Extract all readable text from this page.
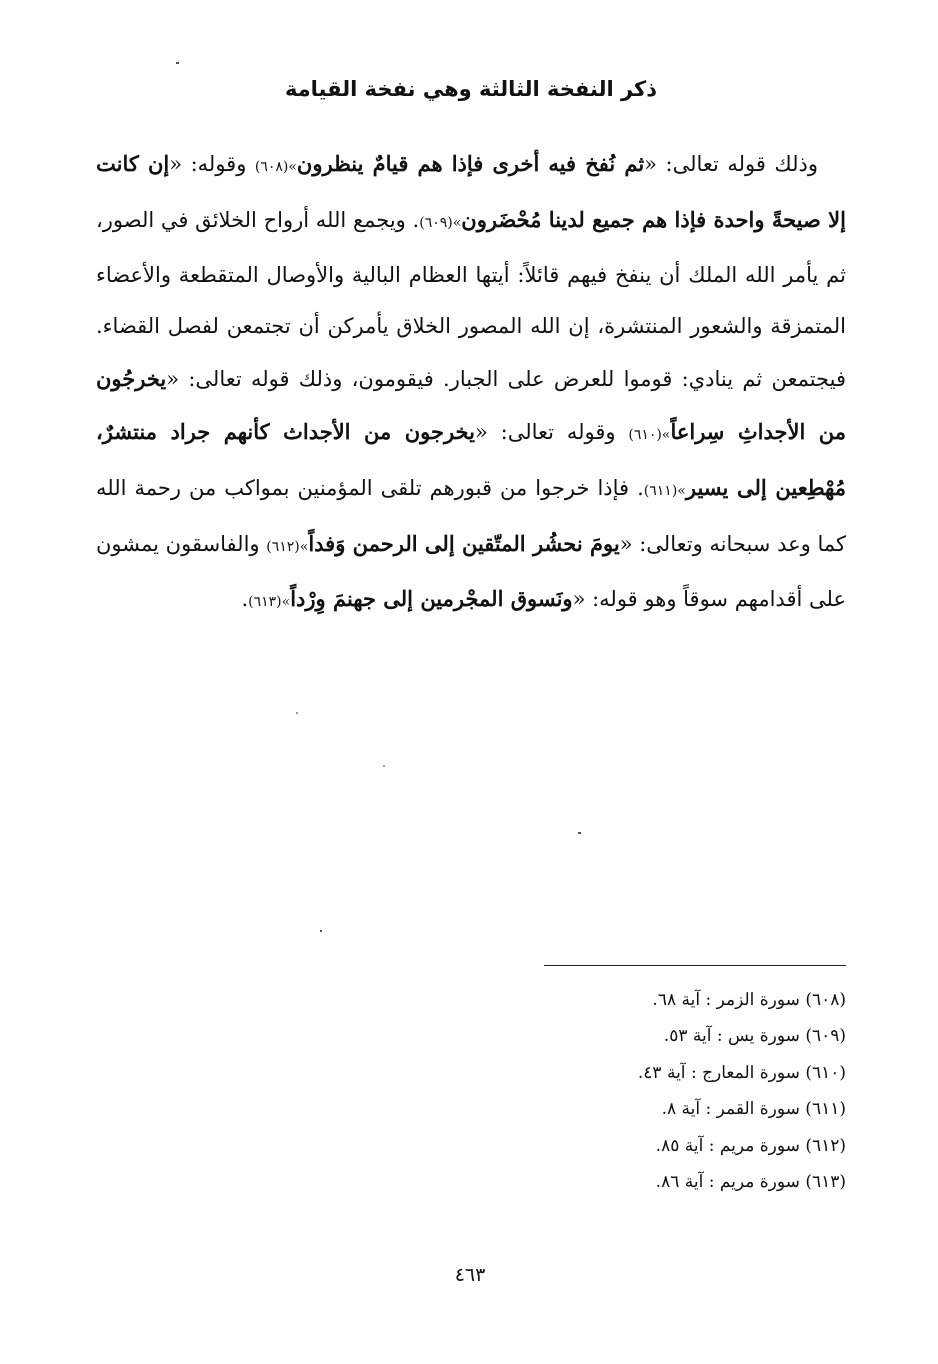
ذكر النفخة الثالثة وهي نفخة القيامة
وذلك قوله تعالى: «ثم نُفخ فيه أخرى فإذا هم قيامٌ ينظرون»(٦٠٨) وقوله: «إن كانت إلا صيحةً واحدة فإذا هم جميع لدينا مُحْضَرون»(٦٠٩). ويجمع الله أرواح الخلائق في الصور، ثم يأمر الله الملك أن ينفخ فيهم قائلاً: أيتها العظام البالية والأوصال المتقطعة والأعضاء المتمزقة والشعور المنتشرة، إن الله المصور الخلاق يأمركن أن تجتمعن لفصل القضاء. فيجتمعن ثم ينادي: قوموا للعرض على الجبار. فيقومون، وذلك قوله تعالى: «يخرجُون من الأجداثِ سِراعاً»(٦١٠) وقوله تعالى: «يخرجون من الأجداث كأنهم جراد منتشرٌ، مُهْطِعين إلى يسير»(٦١١). فإذا خرجوا من قبورهم تلقى المؤمنين بمواكب من رحمة الله كما وعد سبحانه وتعالى: «يومَ نحشُر المتّقين إلى الرحمن وَفداً»(٦١٢) والفاسقون يمشون على أقدامهم سوقاً وهو قوله: «ونَسوق المجْرمين إلى جهنمَ وِرْداً»(٦١٣).
(٦٠٨) سورة الزمر : آية ٦٨.
(٦٠٩) سورة يس : آية ٥٣.
(٦١٠) سورة المعارج : آية ٤٣.
(٦١١) سورة القمر : آية ٨.
(٦١٢) سورة مريم : آية ٨٥.
(٦١٣) سورة مريم : آية ٨٦.
٤٦٣
